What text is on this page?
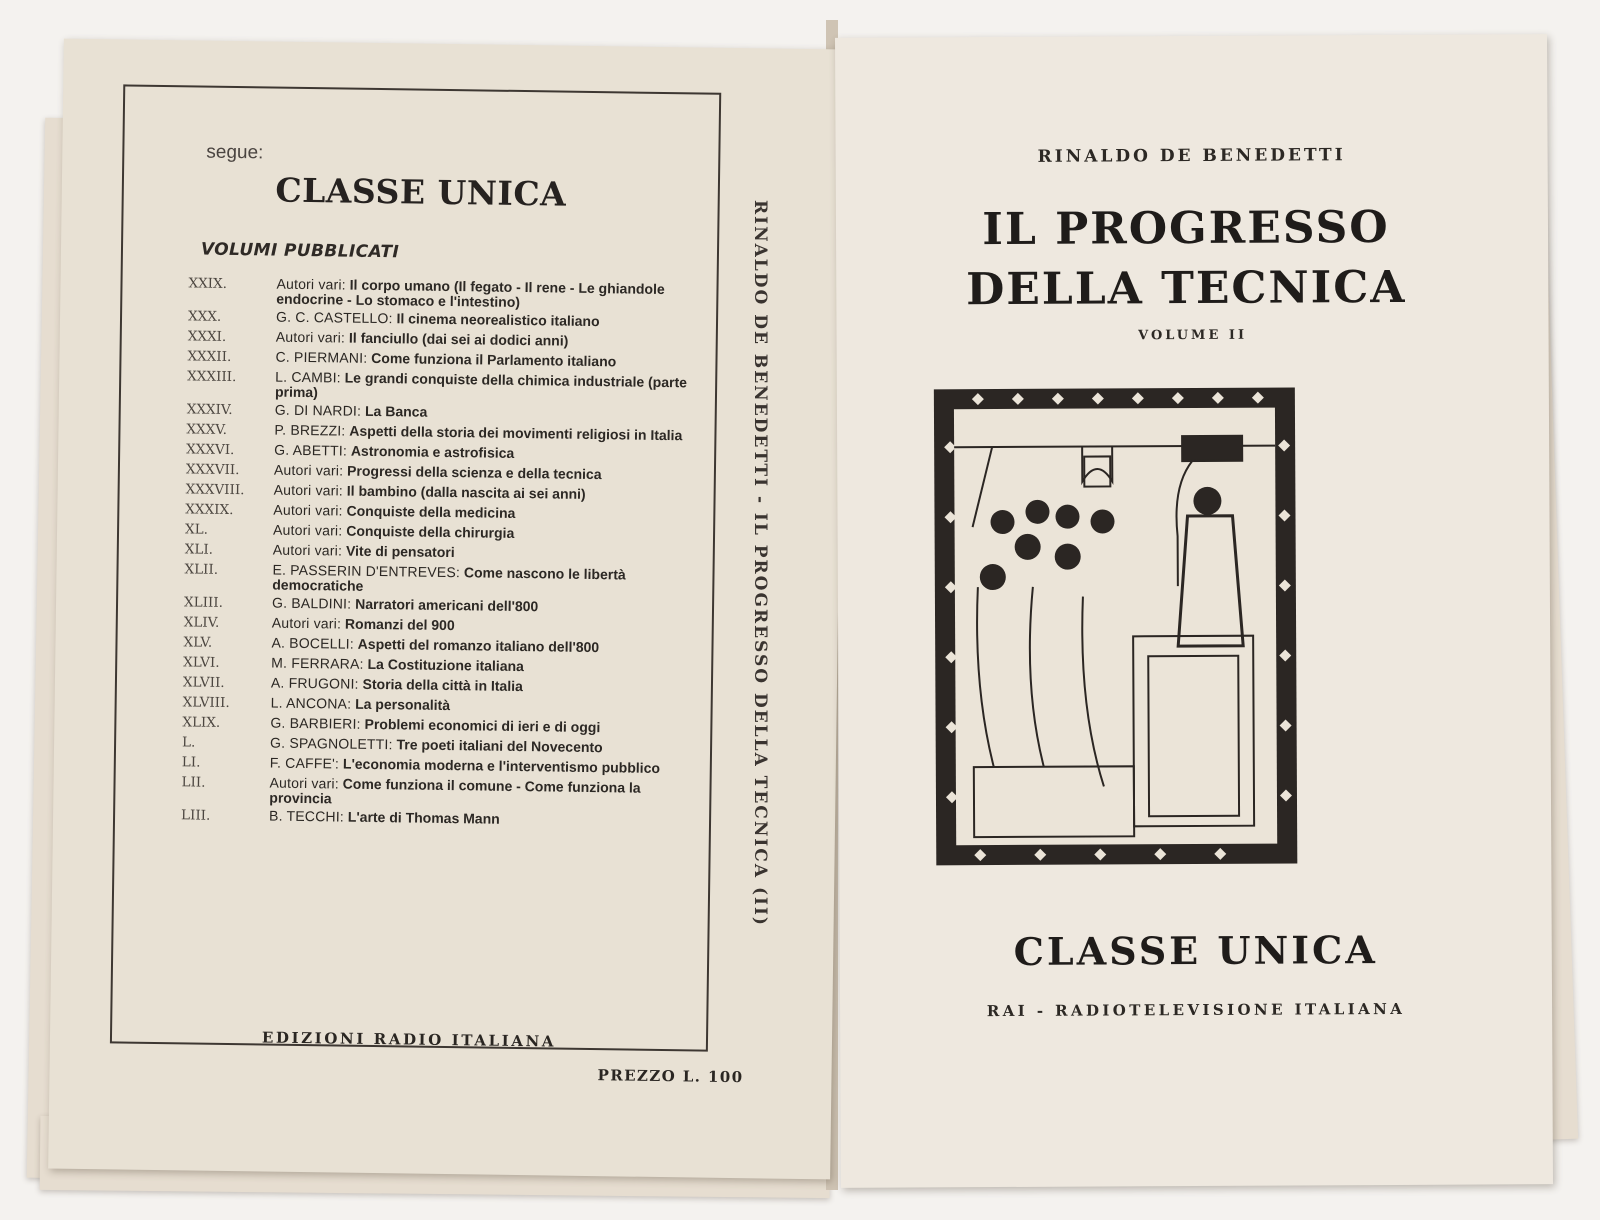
segue:
CLASSE UNICA
VOLUMI PUBBLICATI
XXIX.	Autori vari: Il corpo umano (Il fegato - Il rene - Le ghiandole endocrine - Lo stomaco e l'intestino)
XXX.	G. C. CASTELLO: Il cinema neorealistico italiano
XXXI.	Autori vari: Il fanciullo (dai sei ai dodici anni)
XXXII.	C. PIERMANI: Come funziona il Parlamento italiano
XXXIII.	L. CAMBI: Le grandi conquiste della chimica industriale (parte prima)
XXXIV.	G. DI NARDI: La Banca
XXXV.	P. BREZZI: Aspetti della storia dei movimenti religiosi in Italia
XXXVI.	G. ABETTI: Astronomia e astrofisica
XXXVII.	Autori vari: Progressi della scienza e della tecnica
XXXVIII.	Autori vari: Il bambino (dalla nascita ai sei anni)
XXXIX.	Autori vari: Conquiste della medicina
XL.	Autori vari: Conquiste della chirurgia
XLI.	Autori vari: Vite di pensatori
XLII.	E. PASSERIN D'ENTREVES: Come nascono le libertà democratiche
XLIII.	G. BALDINI: Narratori americani dell'800
XLIV.	Autori vari: Romanzi del 900
XLV.	A. BOCELLI: Aspetti del romanzo italiano dell'800
XLVI.	M. FERRARA: La Costituzione italiana
XLVII.	A. FRUGONI: Storia della città in Italia
XLVIII.	L. ANCONA: La personalità
XLIX.	G. BARBIERI: Problemi economici di ieri e di oggi
L.	G. SPAGNOLETTI: Tre poeti italiani del Novecento
LI.	F. CAFFE': L'economia moderna e l'interventismo pubblico
LII.	Autori vari: Come funziona il comune - Come funziona la provincia
LIII.	B. TECCHI: L'arte di Thomas Mann
EDIZIONI RADIO ITALIANA
PREZZO L. 100
RINALDO DE BENEDETTI - IL PROGRESSO DELLA TECNICA (II)
RINALDO DE BENEDETTI
IL PROGRESSO
DELLA TECNICA
VOLUME II
CLASSE UNICA
RAI - RADIOTELEVISIONE ITALIANA
